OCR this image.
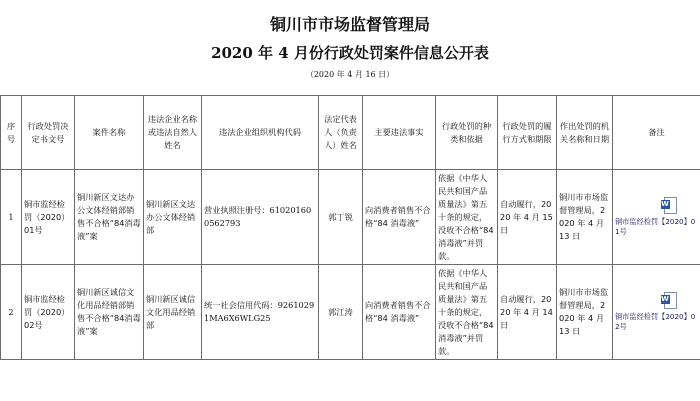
铜川市市场监督管理局
2020 年 4 月份行政处罚案件信息公开表
（2020 年 4 月 16 日）
序号	行政处罚决定书文号	案件名称	违法企业名称或违法自然人姓名	违法企业组织机构代码	法定代表人（负责人）姓名	主要违法事实	行政处罚的种类和依据	行政处罚的履行方式和期限	作出处罚的机关名称和日期	备注
1	铜市监经检罚（2020）01号	铜川新区文达办公文体经销部销售不合格“84消毒液”案	铜川新区文达办公文体经销部	营业执照注册号：610201600562793	郭丁锐	向消费者销售不合格“84 消毒液”	依据《中华人民共和国产品质量法》第五十条的规定，没收不合格“84 消毒液”并罚款。	自动履行，2020 年 4 月 15 日	铜川市市场监督管理局，2020 年 4 月 13 日	W
铜市监经检罚【2020】01号

2	铜市监经检罚（2020）02号	铜川新区诚信文化用品经销部销售不合格“84消毒液”案	铜川新区诚信文化用品经销部	统一社会信用代码：92610291MA6X6WLG25	郭江涛	向消费者销售不合格“84 消毒液”	依据《中华人民共和国产品质量法》第五十条的规定，没收不合格“84 消毒液”并罚款。	自动履行，2020 年 4 月 14 日	铜川市市场监督管理局，2020 年 4 月 13 日	W
铜市监经检罚【2020】02号
